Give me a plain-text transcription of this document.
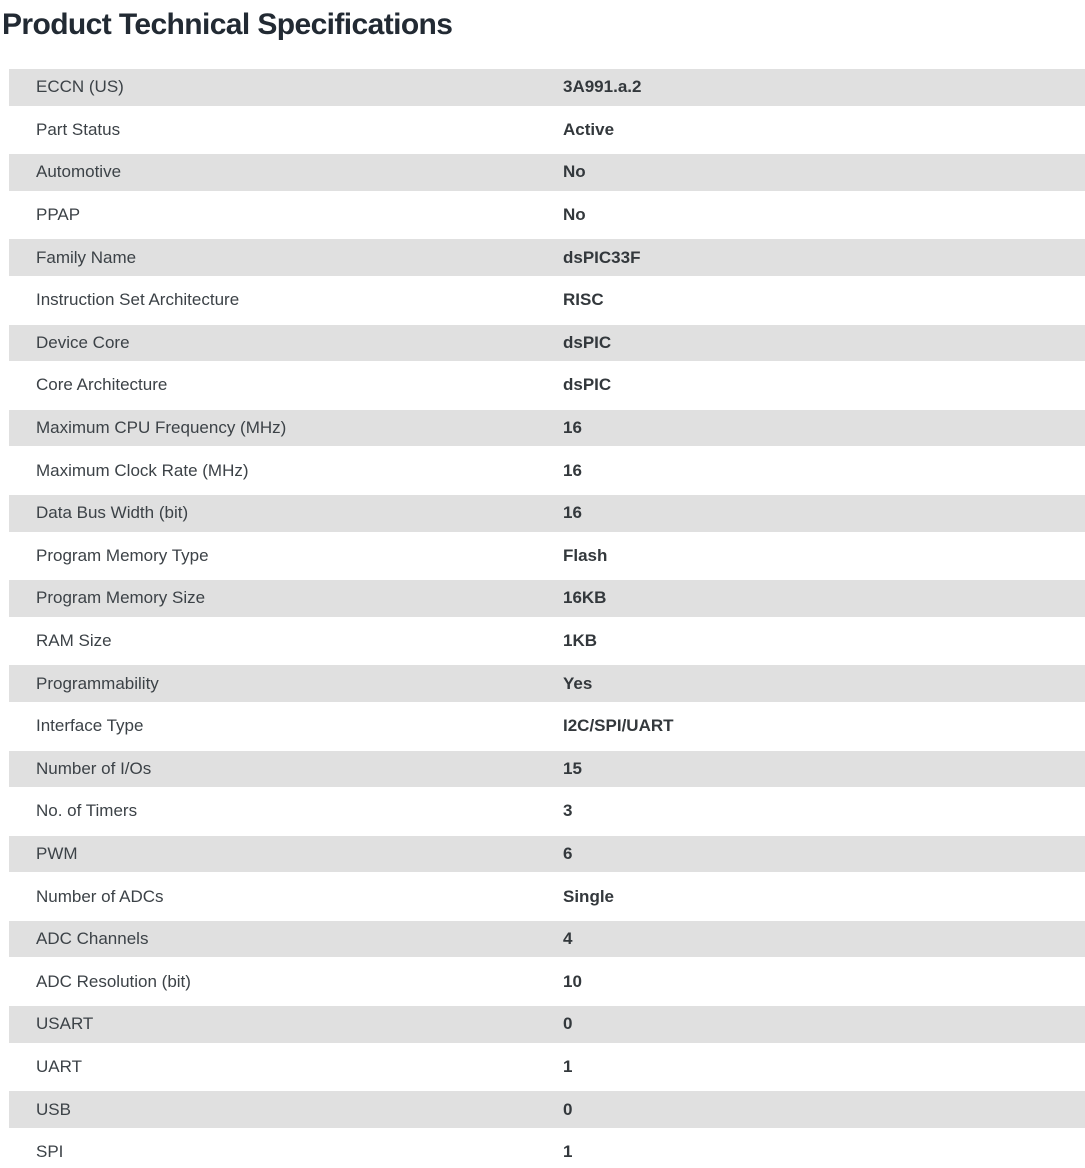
Product Technical Specifications
ECCN (US)	3A991.a.2
Part Status	Active
Automotive	No
PPAP	No
Family Name	dsPIC33F
Instruction Set Architecture	RISC
Device Core	dsPIC
Core Architecture	dsPIC
Maximum CPU Frequency (MHz)	16
Maximum Clock Rate (MHz)	16
Data Bus Width (bit)	16
Program Memory Type	Flash
Program Memory Size	16KB
RAM Size	1KB
Programmability	Yes
Interface Type	I2C/SPI/UART
Number of I/Os	15
No. of Timers	3
PWM	6
Number of ADCs	Single
ADC Channels	4
ADC Resolution (bit)	10
USART	0
UART	1
USB	0
SPI	1
